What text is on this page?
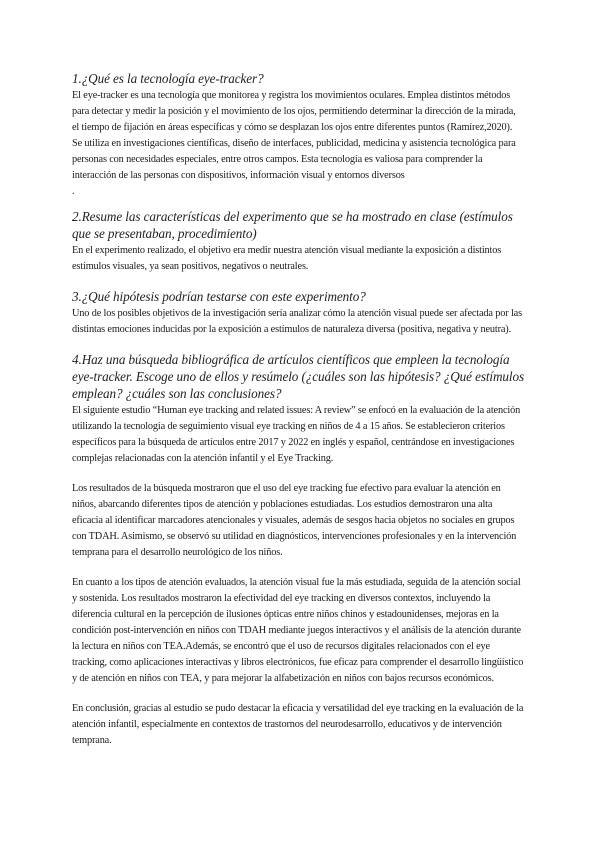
1.¿Qué es la tecnología eye-tracker?

El eye-tracker es una tecnología que monitorea y registra los movimientos oculares. Emplea distintos métodos para detectar y medir la posición y el movimiento de los ojos, permitiendo determinar la dirección de la mirada, el tiempo de fijación en áreas específicas y cómo se desplazan los ojos entre diferentes puntos (Ramírez,2020). Se utiliza en investigaciones científicas, diseño de interfaces, publicidad, medicina y asistencia tecnológica para personas con necesidades especiales, entre otros campos. Esta tecnología es valiosa para comprender la interacción de las personas con dispositivos, información visual y entornos diversos

.

2.Resume las características del experimento que se ha mostrado en clase (estímulos que se presentaban, procedimiento)

En el experimento realizado, el objetivo era medir nuestra atención visual mediante la exposición a distintos estímulos visuales, ya sean positivos, negativos o neutrales.

3.¿Qué hipótesis podrían testarse con este experimento?

Uno de los posibles objetivos de la investigación sería analizar cómo la atención visual puede ser afectada por las distintas emociones inducidas por la exposición a estímulos de naturaleza diversa (positiva, negativa y neutra).

4.Haz una búsqueda bibliográfica de artículos científicos que empleen la tecnología eye-tracker. Escoge uno de ellos y resúmelo (¿cuáles son las hipótesis? ¿Qué estímulos emplean? ¿cuáles son las conclusiones?

El siguiente estudio “Human eye tracking and related issues: A review” se enfocó en la evaluación de la atención utilizando la tecnología de seguimiento visual eye tracking en niños de 4 a 15 años. Se establecieron criterios específicos para la búsqueda de artículos entre 2017 y 2022 en inglés y español, centrándose en investigaciones complejas relacionadas con la atención infantil y el Eye Tracking.

Los resultados de la búsqueda mostraron que el uso del eye tracking fue efectivo para evaluar la atención en niños, abarcando diferentes tipos de atención y poblaciones estudiadas. Los estudios demostraron una alta eficacia al identificar marcadores atencionales y visuales, además de sesgos hacia objetos no sociales en grupos con TDAH. Asimismo, se observó su utilidad en diagnósticos, intervenciones profesionales y en la intervención temprana para el desarrollo neurológico de los niños.

En cuanto a los tipos de atención evaluados, la atención visual fue la más estudiada, seguida de la atención social y sostenida. Los resultados mostraron la efectividad del eye tracking en diversos contextos, incluyendo la diferencia cultural en la percepción de ilusiones ópticas entre niños chinos y estadounidenses, mejoras en la condición post-intervención en niños con TDAH mediante juegos interactivos y el análisis de la atención durante la lectura en niños con TEA.Además, se encontró que el uso de recursos digitales relacionados con el eye tracking, como aplicaciones interactivas y libros electrónicos, fue eficaz para comprender el desarrollo lingüístico y de atención en niños con TEA, y para mejorar la alfabetización en niños con bajos recursos económicos.

En conclusión, gracias al estudio se pudo destacar la eficacia y versatilidad del eye tracking en la evaluación de la atención infantil, especialmente en contextos de trastornos del neurodesarrollo, educativos y de intervención temprana.
